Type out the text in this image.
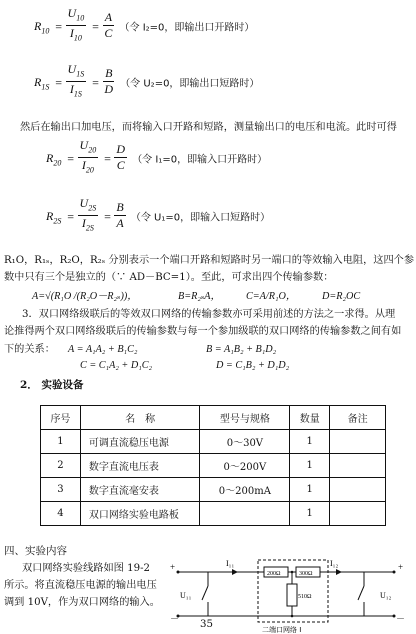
$R_{10} = \frac{U_{10}}{I_{10}} = \frac{A}{C}$ （令 I₂=0，即输出口开路时）
$R_{1S} = \frac{U_{1S}}{I_{1S}} = \frac{B}{D}$ （令 U₂=0，即输出口短路时）
然后在输出口加电压，而将输入口开路和短路，测量输出口的电压和电流。此时可得
$R_{20} = \frac{U_{20}}{I_{20}} = \frac{D}{C}$ （令 I₁=0，即输入口开路时）
$R_{2S} = \frac{U_{2S}}{I_{2S}} = \frac{B}{A}$ （令 U₁=0，即输入口短路时）
R₁O，R₁ₛ，R₂O，R₂ₛ 分别表示一个端口开路和短路时另一端口的等效输入电阻，这四个参
数中只有三个是独立的（∵ AD－BC=1）。至此，可求出四个传输参数：
A=√(R₁O /(R₂O－R₂ₛ))，	B=R₂ₛA， C=A/R₁O，	D=R₂OC
3．双口网络级联后的等效双口网络的传输参数亦可采用前述的方法之一求得。从理
论推得两个双口网络级联后的传输参数与每一个参加级联的双口网络的传输参数之间有如
下的关系： A = A₁A₂ + B₁C₂	B = A₁B₂ + B₁D₂
C = C₁A₂ + D₁C₂	D = C₁B₂ + D₁D₂
2． 实验设备
序号	名　称	型号与规格	数量	备注
1	可调直流稳压电源	0～30V	1	
2	数字直流电压表	0～200V	1	
3	数字直流毫安表	0～200mA	1	
4	双口网络实验电路板		1	
四、实验内容
双口网络实验线路如图 19-2
所示。将直流稳压电源的输出电压
调到 10V，作为双口网络的输入。
35
I₁₁	I₁₂
+
－
+
－
U₁₁	U₁₂
200Ω	300Ω
510Ω
二端口网络 I
